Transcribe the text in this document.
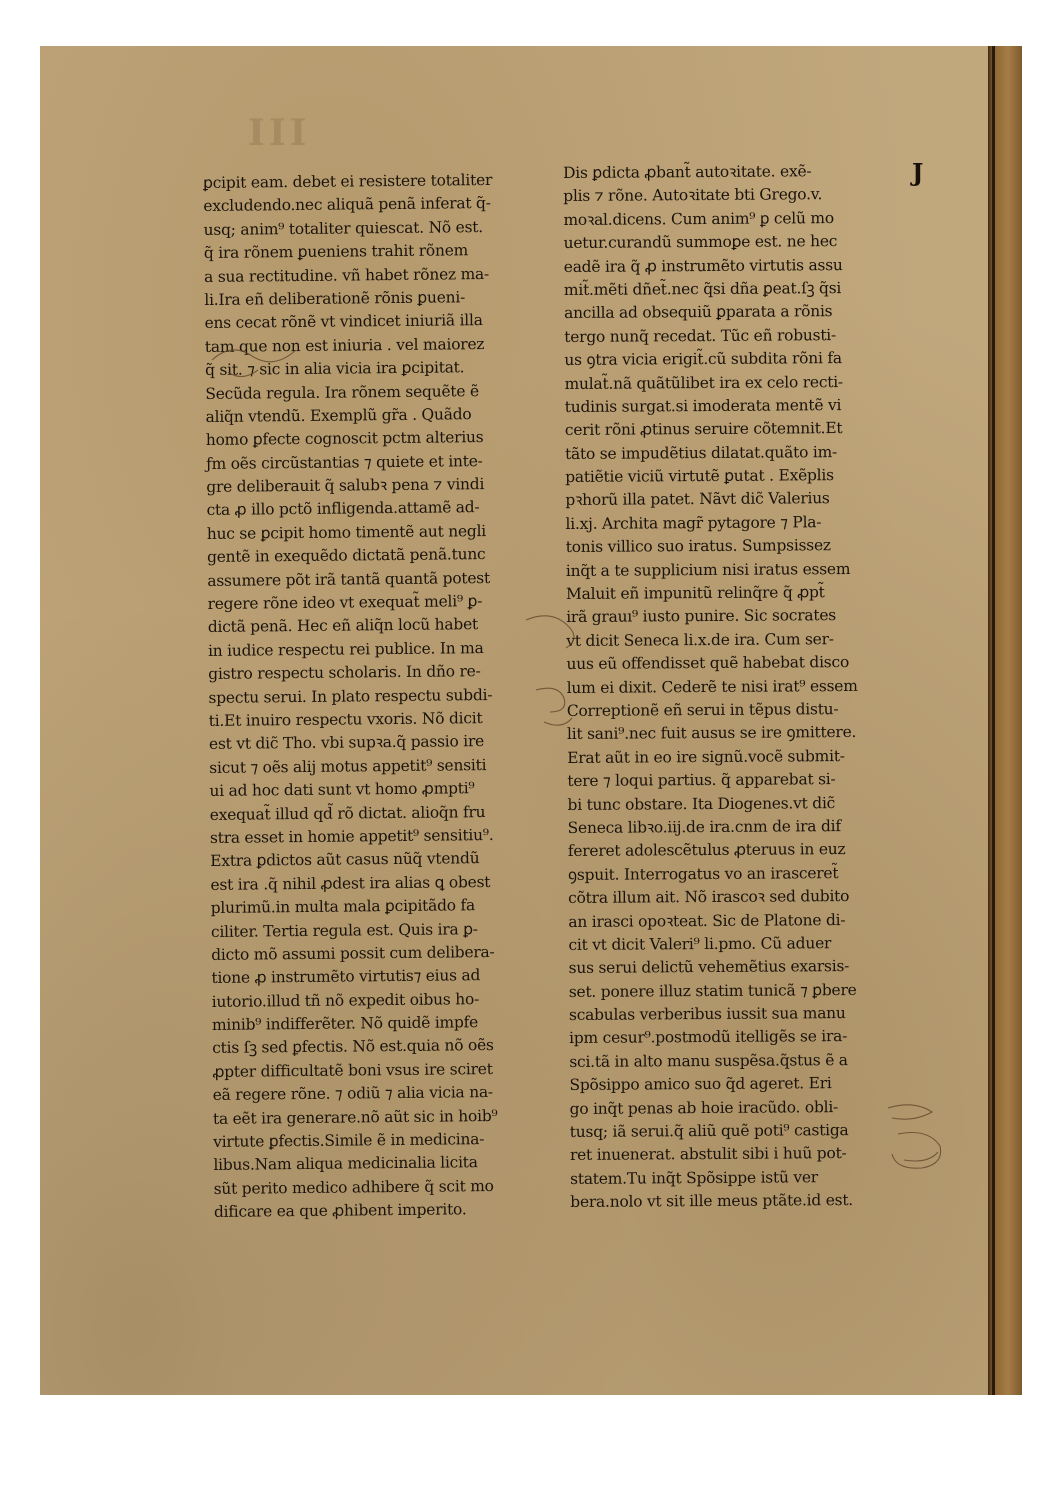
III
J
ꝑcipit eam. debet ei resistere totaliter
excludendo.nec aliquã penã inferat q̃-
usq; anim⁹ totaliter quiescat. Nõ est.
q̃ ira rõnem ꝑueniens trahit rõnem
a sua rectitudine. vñ habet rõnez ma-
li.Ira eñ deliberationẽ rõnis ꝑueni-
ens cecat rõnẽ vt vindicet iniuriã illa
tam que non est iniuria . vel maiorez
q̃ sit. ⁊ sic in alia vicia ira ꝑcipitat.
Secũda regula. Ira rõnem sequẽte ẽ
aliq̃n vtendũ. Exemplũ gr̃a . Quãdo
homo ꝑfecte cognoscit pctm alterius
ƒm oẽs circũstantias ⁊ quiete et inte-
gre deliberauit q̃ salubꝛ pena ⁊ vindi
cta ꝓ illo pctõ infligenda.attamẽ ad-
huc se ꝑcipit homo timentẽ aut negli
gentẽ in exequẽdo dictatã penã.tunc
assumere põt irã tantã quantã potest
regere rõne ideo vt exequat̃ meli⁹ ꝑ-
dictã penã. Hec eñ aliq̃n locũ habet
in iudice respectu rei publice. In ma
gistro respectu scholaris. In dño re-
spectu serui. In plato respectu subdi-
ti.Et inuiro respectu vxoris. Nõ dicit
est vt dic̃ Tho. vbi supꝛa.q̃ passio ire
sicut ⁊ oẽs alij motus appetit⁹ sensiti
ui ad hoc dati sunt vt homo ꝓmpti⁹
exequat̃ illud qd̃ rõ dictat. alioq̃n fru
stra esset in homie appetit⁹ sensitiu⁹.
Extra ꝑdictos aũt casus nũq̃ vtendũ
est ira .q̃ nihil ꝓdest ira alias ꝗ obest
plurimũ.in multa mala ꝑcipitãdo fa
ciliter. Tertia regula est. Quis ira ꝑ-
dicto mõ assumi possit cum delibera-
tione ꝓ instrumẽto virtutis⁊ eius ad
iutorio.illud tñ nõ expedit oibus ho-
minib⁹ indifferẽter. Nõ quidẽ impfe
ctis ſꝫ sed ꝑfectis. Nõ est.quia nõ oẽs
ꝓpter difficultatẽ boni vsus ire sciret
eã regere rõne. ⁊ odiũ ⁊ alia vicia na-
ta eẽt ira generare.nõ aũt sic in hoib⁹
virtute ꝑfectis.Simile ẽ in medicina-
libus.Nam aliqua medicinalia licita
sũt perito medico adhibere q̃ scit mo
dificare ea que ꝓhibent imperito.
Dis ꝑdicta ꝓbant̃ autoꝛitate. exẽ-
plis ⁊ rõne. Autoꝛitate bti Grego.v.
moꝛal.dicens. Cum anim⁹ ꝑ celũ mo
uetur.curandũ summoꝑe est. ne hec
eadẽ ira q̃ ꝓ instrumẽto virtutis assu
mit̃.mẽti dñet̃.nec q̃si dña ꝑeat.ſꝫ q̃si
ancilla ad obsequiũ ꝑparata a rõnis
tergo nunq̃ recedat. Tũc eñ robusti-
us ꝯtra vicia erigit̃.cũ subdita rõni fa
mulat̃.nã quãtũlibet ira ex celo recti-
tudinis surgat.si imoderata mentẽ vi
cerit rõni ꝓtinus seruire cõtemnit.Et
tãto se impudẽtius dilatat.quãto im-
patiẽtie viciũ virtutẽ ꝑutat . Exẽplis
pꝛhorũ illa patet. Nãvt dic̃ Valerius
li.xj. Archita magr̃ pytagore ⁊ Pla-
tonis villico suo iratus. Sumpsissez
inq̃t a te supplicium nisi iratus essem
Maluit eñ impunitũ relinq̃re q̃ ꝓpt̃
irã grauı⁹ iusto punire. Sic socrates
vt dicit Seneca li.x.de ira. Cum ser-
uus eũ offendisset quẽ habebat disco
lum ei dixit. Cederẽ te nisi irat⁹ essem
Correptionẽ eñ serui in tẽpus distu-
lit sani⁹.nec fuit ausus se ire ꝯmittere.
Erat aũt in eo ire signũ.vocẽ submit-
tere ⁊ loqui partius. q̃ apparebat si-
bi tunc obstare. Ita Diogenes.vt dic̃
Seneca libꝛo.iij.de ira.cnm de ira dif
fereret adolescẽtulus ꝓteruus in euz
ꝯspuit. Interrogatus vo an irasceret̃
cõtra illum ait. Nõ irascoꝛ sed dubito
an irasci opoꝛteat. Sic de Platone di-
cit vt dicit Valeri⁹ li.pmo. Cũ aduer
sus serui delictũ vehemẽtius exarsis-
set. ponere illuz statim tunicã ⁊ ꝑbere
scabulas verberibus iussit sua manu
ipm cesur⁹.postmodũ itelligẽs se ira-
sci.tã in alto manu suspẽsa.q̃stus ẽ a
Spõsippo amico suo q̃d ageret. Eri
go inq̃t penas ab hoie iracũdo. obli-
tusq; iã serui.q̃ aliũ quẽ poti⁹ castiga
ret inuenerat. abstulit sibi i huũ pot-
statem.Tu inq̃t Spõsippe istũ ver
bera.nolo vt sit ille meus ptãte.id est.
